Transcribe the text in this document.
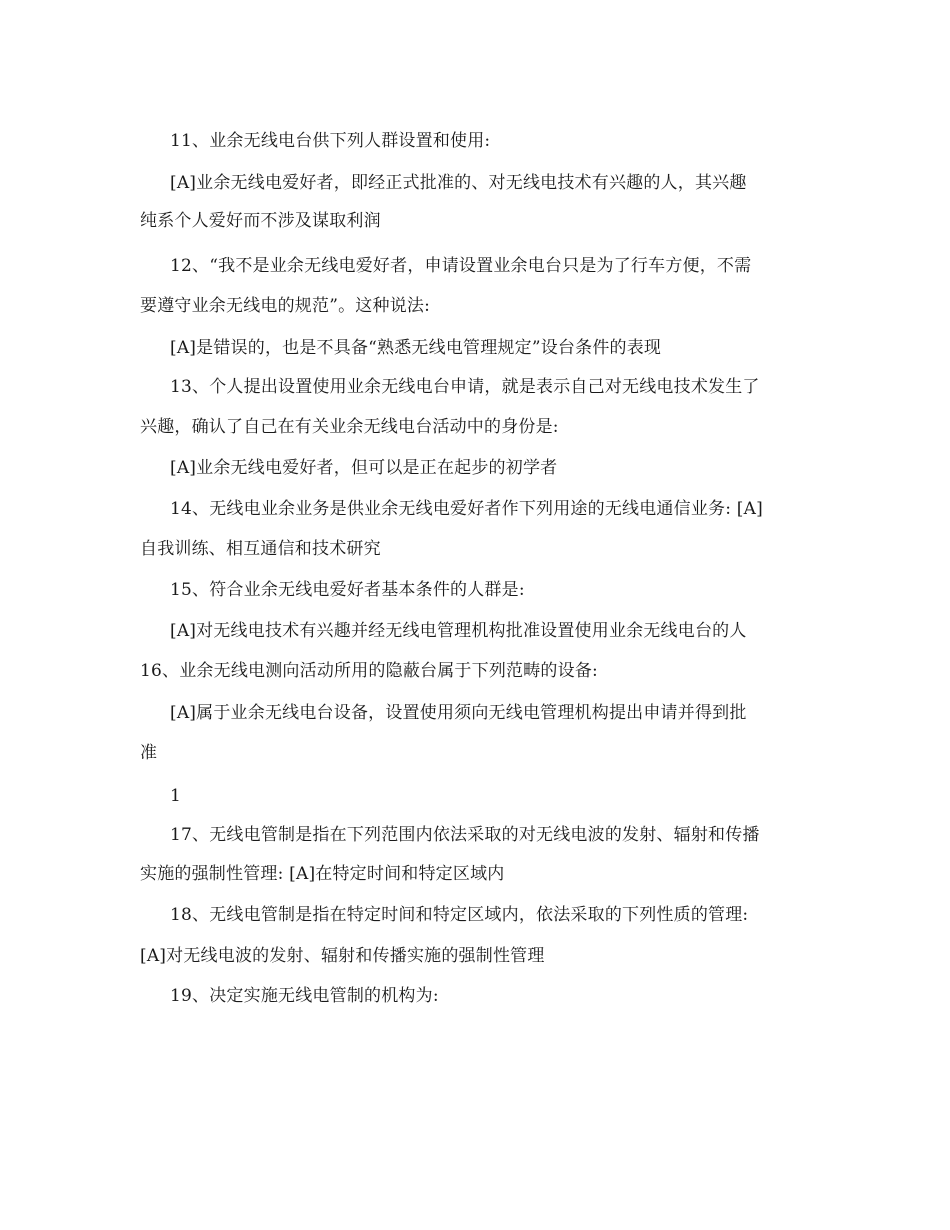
11、业余无线电台供下列人群设置和使用:
[A]业余无线电爱好者，即经正式批准的、对无线电技术有兴趣的人，其兴趣
纯系个人爱好而不涉及谋取利润
12、“我不是业余无线电爱好者，申请设置业余电台只是为了行车方便，不需
要遵守业余无线电的规范”。这种说法:
[A]是错误的，也是不具备“熟悉无线电管理规定”设台条件的表现
13、个人提出设置使用业余无线电台申请，就是表示自己对无线电技术发生了
兴趣，确认了自己在有关业余无线电台活动中的身份是:
[A]业余无线电爱好者，但可以是正在起步的初学者
14、无线电业余业务是供业余无线电爱好者作下列用途的无线电通信业务: [A]
自我训练、相互通信和技术研究
15、符合业余无线电爱好者基本条件的人群是:
[A]对无线电技术有兴趣并经无线电管理机构批准设置使用业余无线电台的人
16、业余无线电测向活动所用的隐蔽台属于下列范畴的设备:
[A]属于业余无线电台设备，设置使用须向无线电管理机构提出申请并得到批
准
1
17、无线电管制是指在下列范围内依法采取的对无线电波的发射、辐射和传播
实施的强制性管理: [A]在特定时间和特定区域内
18、无线电管制是指在特定时间和特定区域内，依法采取的下列性质的管理:
[A]对无线电波的发射、辐射和传播实施的强制性管理
19、决定实施无线电管制的机构为:
